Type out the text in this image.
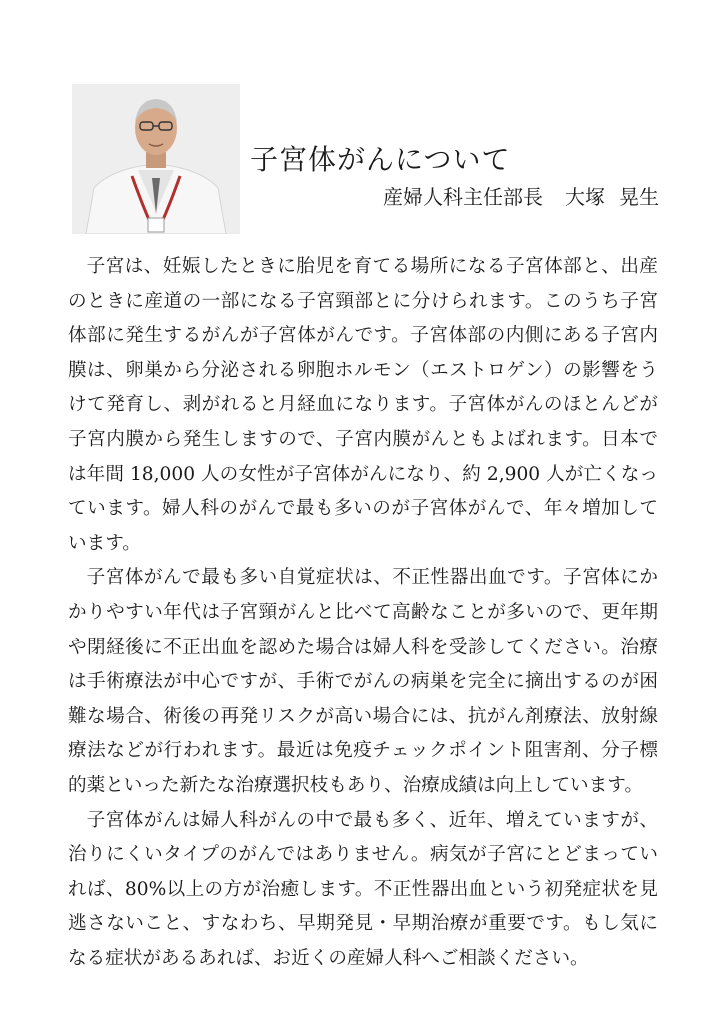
子宮体がんについて
産婦人科主任部長 大塚 晃生

子宮は、妊娠したときに胎児を育てる場所になる子宮体部と、出産のときに産道の一部になる子宮頸部とに分けられます。このうち子宮体部に発生するがんが子宮体がんです。子宮体部の内側にある子宮内膜は、卵巣から分泌される卵胞ホルモン（エストロゲン）の影響をうけて発育し、剥がれると月経血になります。子宮体がんのほとんどが子宮内膜から発生しますので、子宮内膜がんともよばれます。日本では年間 18,000 人の女性が子宮体がんになり、約 2,900 人が亡くなっています。婦人科のがんで最も多いのが子宮体がんで、年々増加しています。

子宮体がんで最も多い自覚症状は、不正性器出血です。子宮体にかかりやすい年代は子宮頸がんと比べて高齢なことが多いので、更年期や閉経後に不正出血を認めた場合は婦人科を受診してください。治療は手術療法が中心ですが、手術でがんの病巣を完全に摘出するのが困難な場合、術後の再発リスクが高い場合には、抗がん剤療法、放射線療法などが行われます。最近は免疫チェックポイント阻害剤、分子標的薬といった新たな治療選択枝もあり、治療成績は向上しています。

子宮体がんは婦人科がんの中で最も多く、近年、増えていますが、治りにくいタイプのがんではありません。病気が子宮にとどまっていれば、80%以上の方が治癒します。不正性器出血という初発症状を見逃さないこと、すなわち、早期発見・早期治療が重要です。もし気になる症状があるあれば、お近くの産婦人科へご相談ください。
